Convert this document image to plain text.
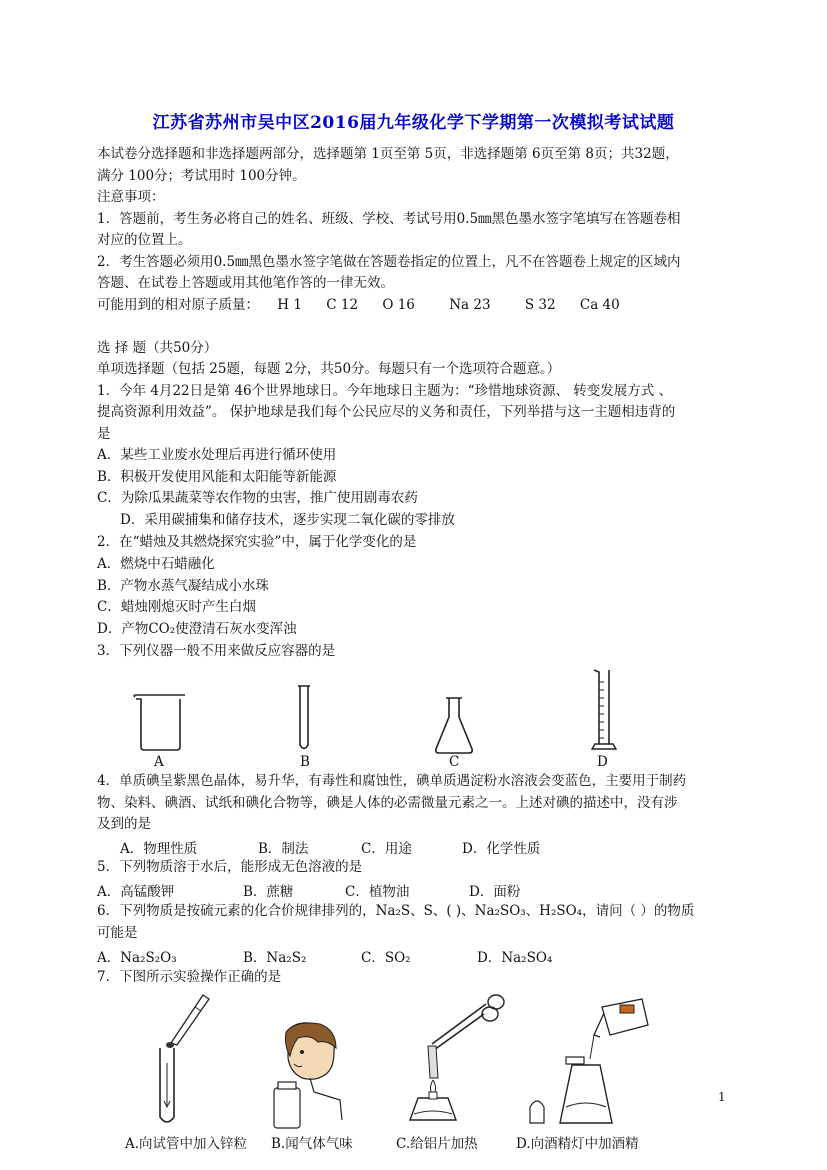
江苏省苏州市吴中区2016届九年级化学下学期第一次模拟考试试题
本试卷分选择题和非选择题两部分，选择题第 1页至第 5页，非选择题第 6页至第 8页；共32题，
满分 100分；考试用时 100分钟。
注意事项：
1．答题前，考生务必将自己的姓名、班级、学校、考试号用0.5㎜黑色墨水签字笔填写在答题卷相
对应的位置上。
2．考生答题必须用0.5㎜黑色墨水签字笔做在答题卷指定的位置上，凡不在答题卷上规定的区域内
答题、在试卷上答题或用其他笔作答的一律无效。
可能用到的相对原子质量： H 1 C 12 O 16	Na 23	S 32 Ca 40
选 择 题（共50分）
单项选择题（包括 25题，每题 2分，共50分。每题只有一个选项符合题意。）
1．今年 4月22日是第 46个世界地球日。今年地球日主题为：“珍惜地球资源、 转变发展方式 、
提高资源利用效益”。 保护地球是我们每个公民应尽的义务和责任，下列举措与这一主题相违背的
是
A．某些工业废水处理后再进行循环使用
B．积极开发使用风能和太阳能等新能源
C．为除瓜果蔬菜等农作物的虫害，推广使用剧毒农药
D．采用碳捕集和储存技术，逐步实现二氧化碳的零排放
2．在“蜡烛及其燃烧探究实验”中，属于化学变化的是
A．燃烧中石蜡融化
B．产物水蒸气凝结成小水珠
C．蜡烛刚熄灭时产生白烟
D．产物CO₂使澄清石灰水变浑浊
3．下列仪器一般不用来做反应容器的是
A	B	C	D
4．单质碘呈紫黑色晶体，易升华，有毒性和腐蚀性，碘单质遇淀粉水溶液会变蓝色，主要用于制药
物、染料、碘酒、试纸和碘化合物等，碘是人体的必需微量元素之一。上述对碘的描述中，没有涉
及到的是
A．物理性质	B．制法	C．用途	D．化学性质
5．下列物质溶于水后，能形成无色溶液的是
A．高锰酸钾	B．蔗糖	C．植物油	D．面粉
6．下列物质是按硫元素的化合价规律排列的，Na₂S、S、( )、Na₂SO₃、H₂SO₄，请问（ ）的物质
可能是
A．Na₂S₂O₃	B．Na₂S₂	C．SO₂	D．Na₂SO₄
7．下图所示实验操作正确的是
A.向试管中加入锌粒 B.闻气体气味	C.给铝片加热	D.向酒精灯中加酒精
1
